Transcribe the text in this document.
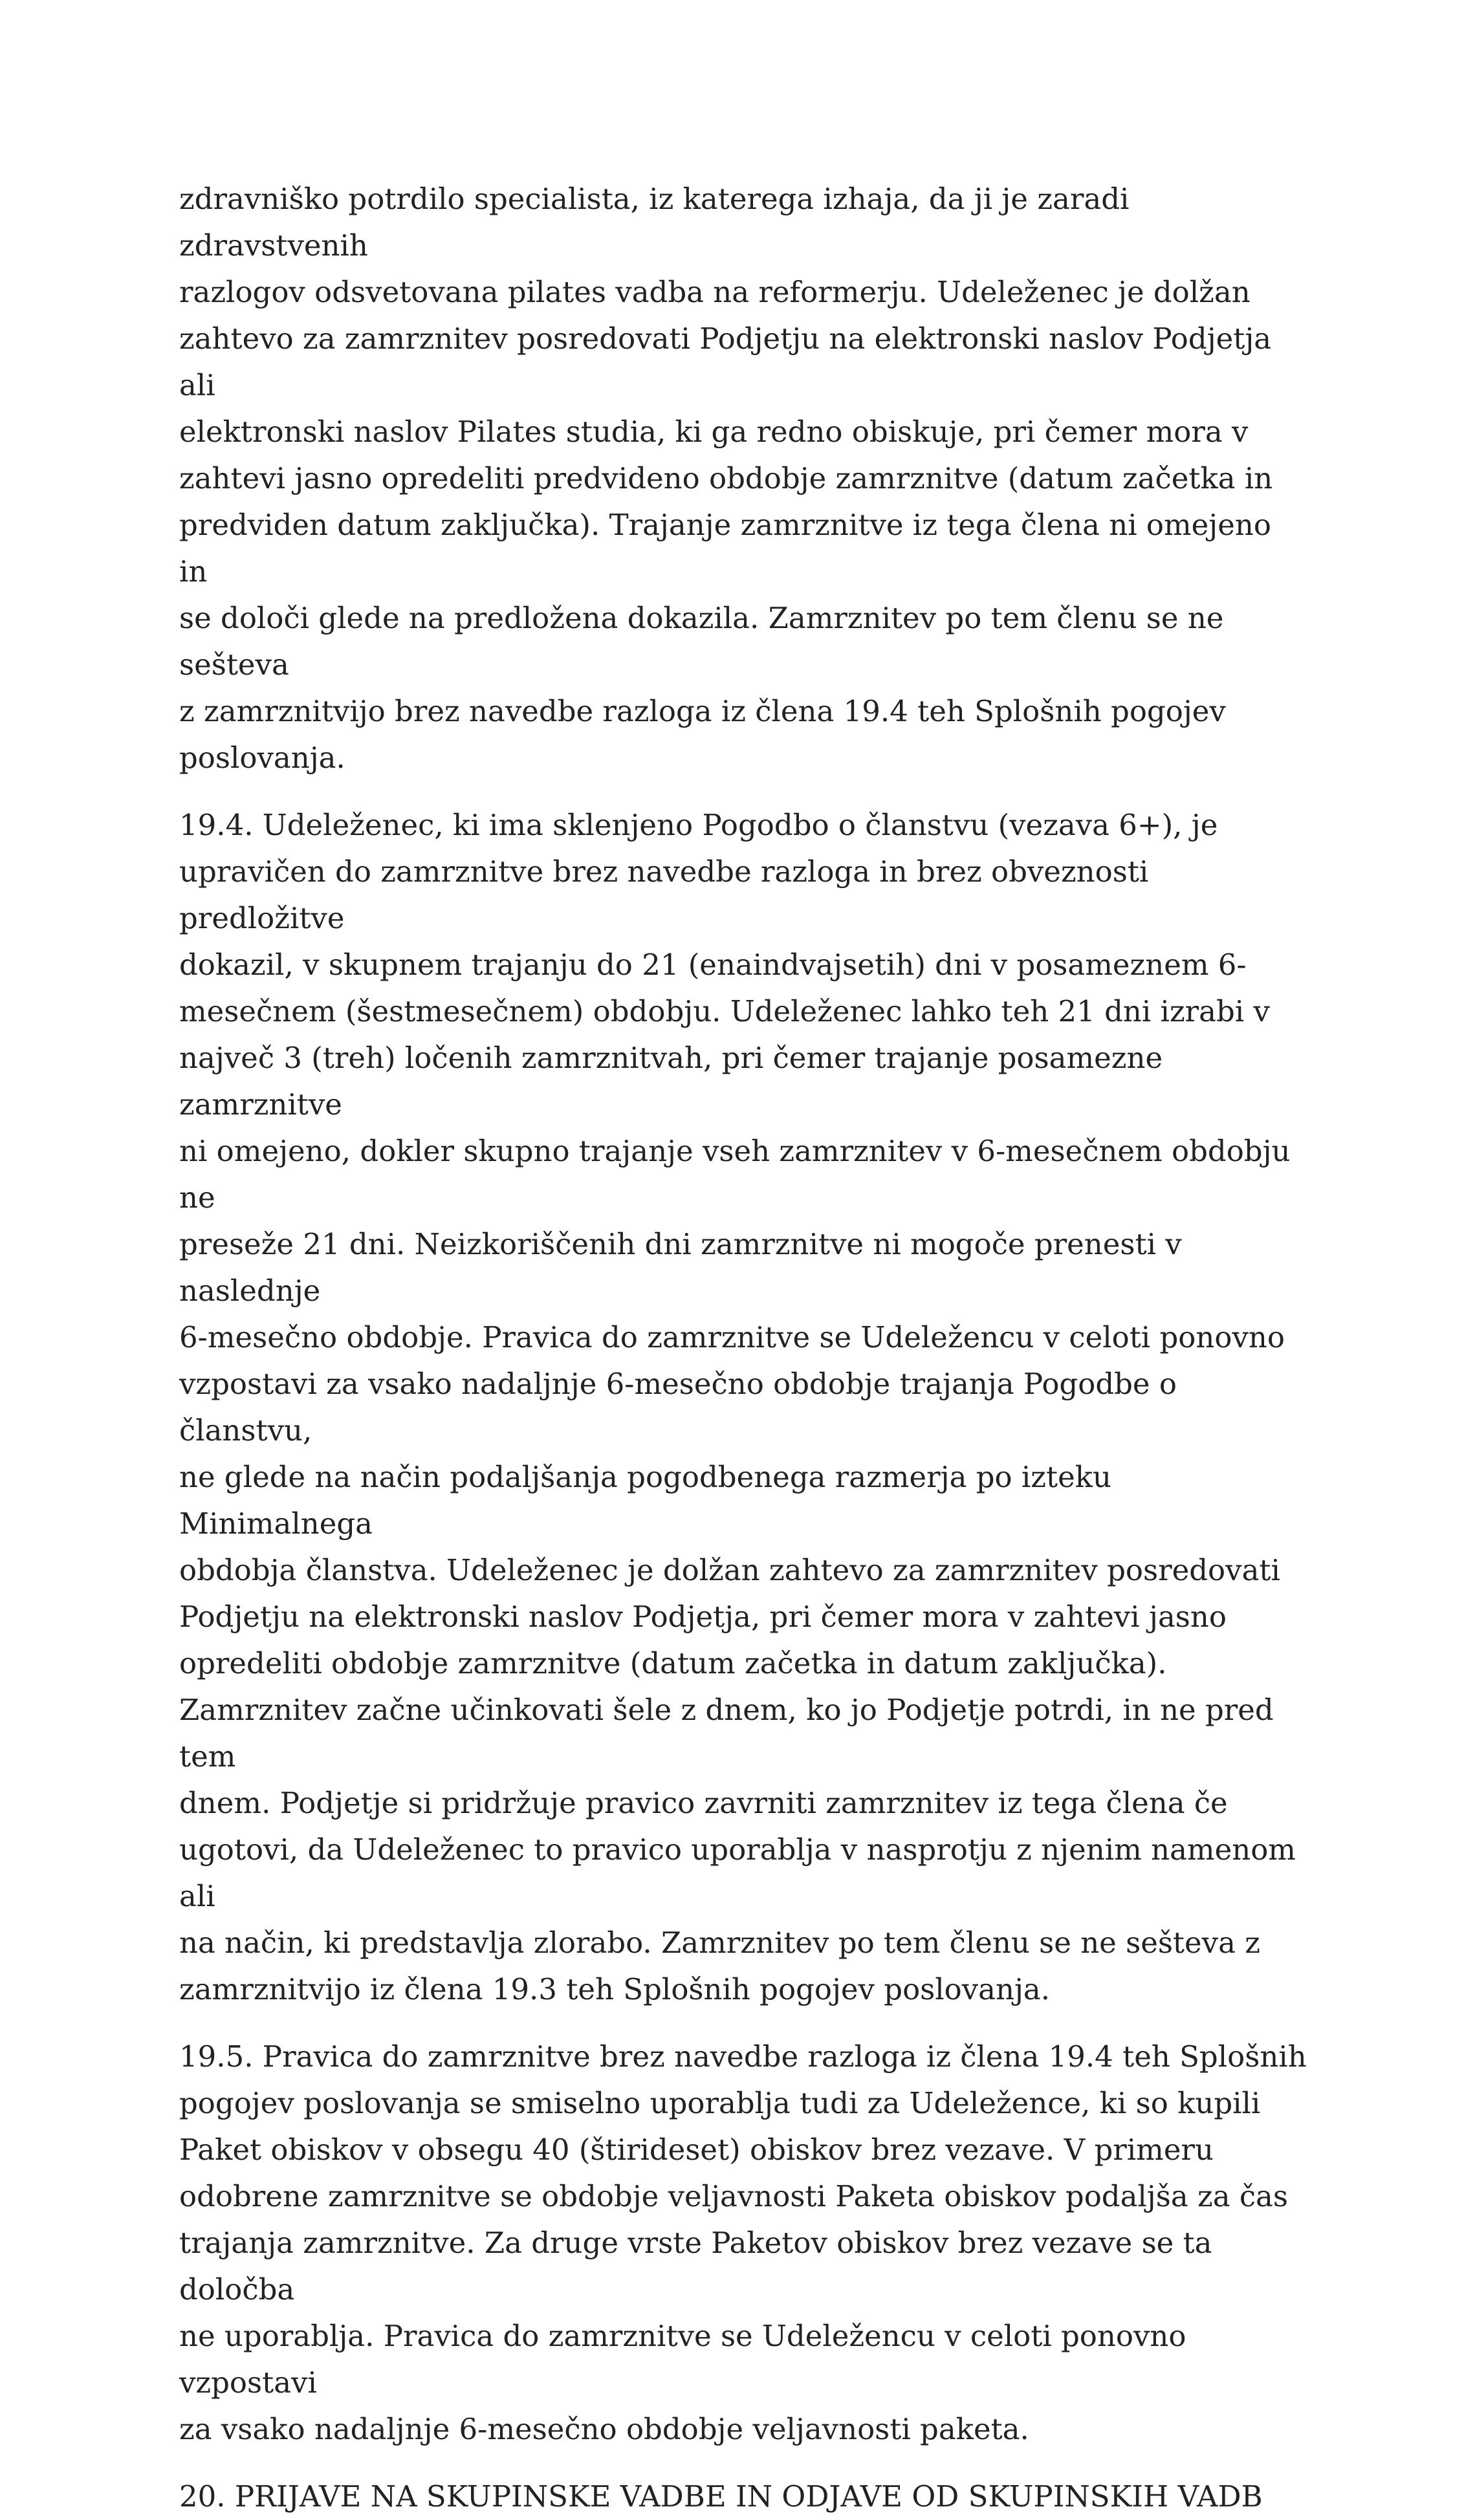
zdravniško potrdilo specialista, iz katerega izhaja, da ji je zaradi zdravstvenih
razlogov odsvetovana pilates vadba na reformerju. Udeleženec je dolžan
zahtevo za zamrznitev posredovati Podjetju na elektronski naslov Podjetja ali
elektronski naslov Pilates studia, ki ga redno obiskuje, pri čemer mora v
zahtevi jasno opredeliti predvideno obdobje zamrznitve (datum začetka in
predviden datum zaključka). Trajanje zamrznitve iz tega člena ni omejeno in
se določi glede na predložena dokazila. Zamrznitev po tem členu se ne sešteva
z zamrznitvijo brez navedbe razloga iz člena 19.4 teh Splošnih pogojev
poslovanja.

19.4. Udeleženec, ki ima sklenjeno Pogodbo o članstvu (vezava 6+), je
upravičen do zamrznitve brez navedbe razloga in brez obveznosti predložitve
dokazil, v skupnem trajanju do 21 (enaindvajsetih) dni v posameznem 6-
mesečnem (šestmesečnem) obdobju. Udeleženec lahko teh 21 dni izrabi v
največ 3 (treh) ločenih zamrznitvah, pri čemer trajanje posamezne zamrznitve
ni omejeno, dokler skupno trajanje vseh zamrznitev v 6-mesečnem obdobju ne
preseže 21 dni. Neizkoriščenih dni zamrznitve ni mogoče prenesti v naslednje
6-mesečno obdobje. Pravica do zamrznitve se Udeležencu v celoti ponovno
vzpostavi za vsako nadaljnje 6-mesečno obdobje trajanja Pogodbe o članstvu,
ne glede na način podaljšanja pogodbenega razmerja po izteku Minimalnega
obdobja članstva. Udeleženec je dolžan zahtevo za zamrznitev posredovati
Podjetju na elektronski naslov Podjetja, pri čemer mora v zahtevi jasno
opredeliti obdobje zamrznitve (datum začetka in datum zaključka).
Zamrznitev začne učinkovati šele z dnem, ko jo Podjetje potrdi, in ne pred tem
dnem. Podjetje si pridržuje pravico zavrniti zamrznitev iz tega člena če
ugotovi, da Udeleženec to pravico uporablja v nasprotju z njenim namenom ali
na način, ki predstavlja zlorabo. Zamrznitev po tem členu se ne sešteva z
zamrznitvijo iz člena 19.3 teh Splošnih pogojev poslovanja.

19.5. Pravica do zamrznitve brez navedbe razloga iz člena 19.4 teh Splošnih
pogojev poslovanja se smiselno uporablja tudi za Udeležence, ki so kupili
Paket obiskov v obsegu 40 (štirideset) obiskov brez vezave. V primeru
odobrene zamrznitve se obdobje veljavnosti Paketa obiskov podaljša za čas
trajanja zamrznitve. Za druge vrste Paketov obiskov brez vezave se ta določba
ne uporablja. Pravica do zamrznitve se Udeležencu v celoti ponovno vzpostavi
za vsako nadaljnje 6-mesečno obdobje veljavnosti paketa.

20. PRIJAVE NA SKUPINSKE VADBE IN ODJAVE OD SKUPINSKIH VADB
